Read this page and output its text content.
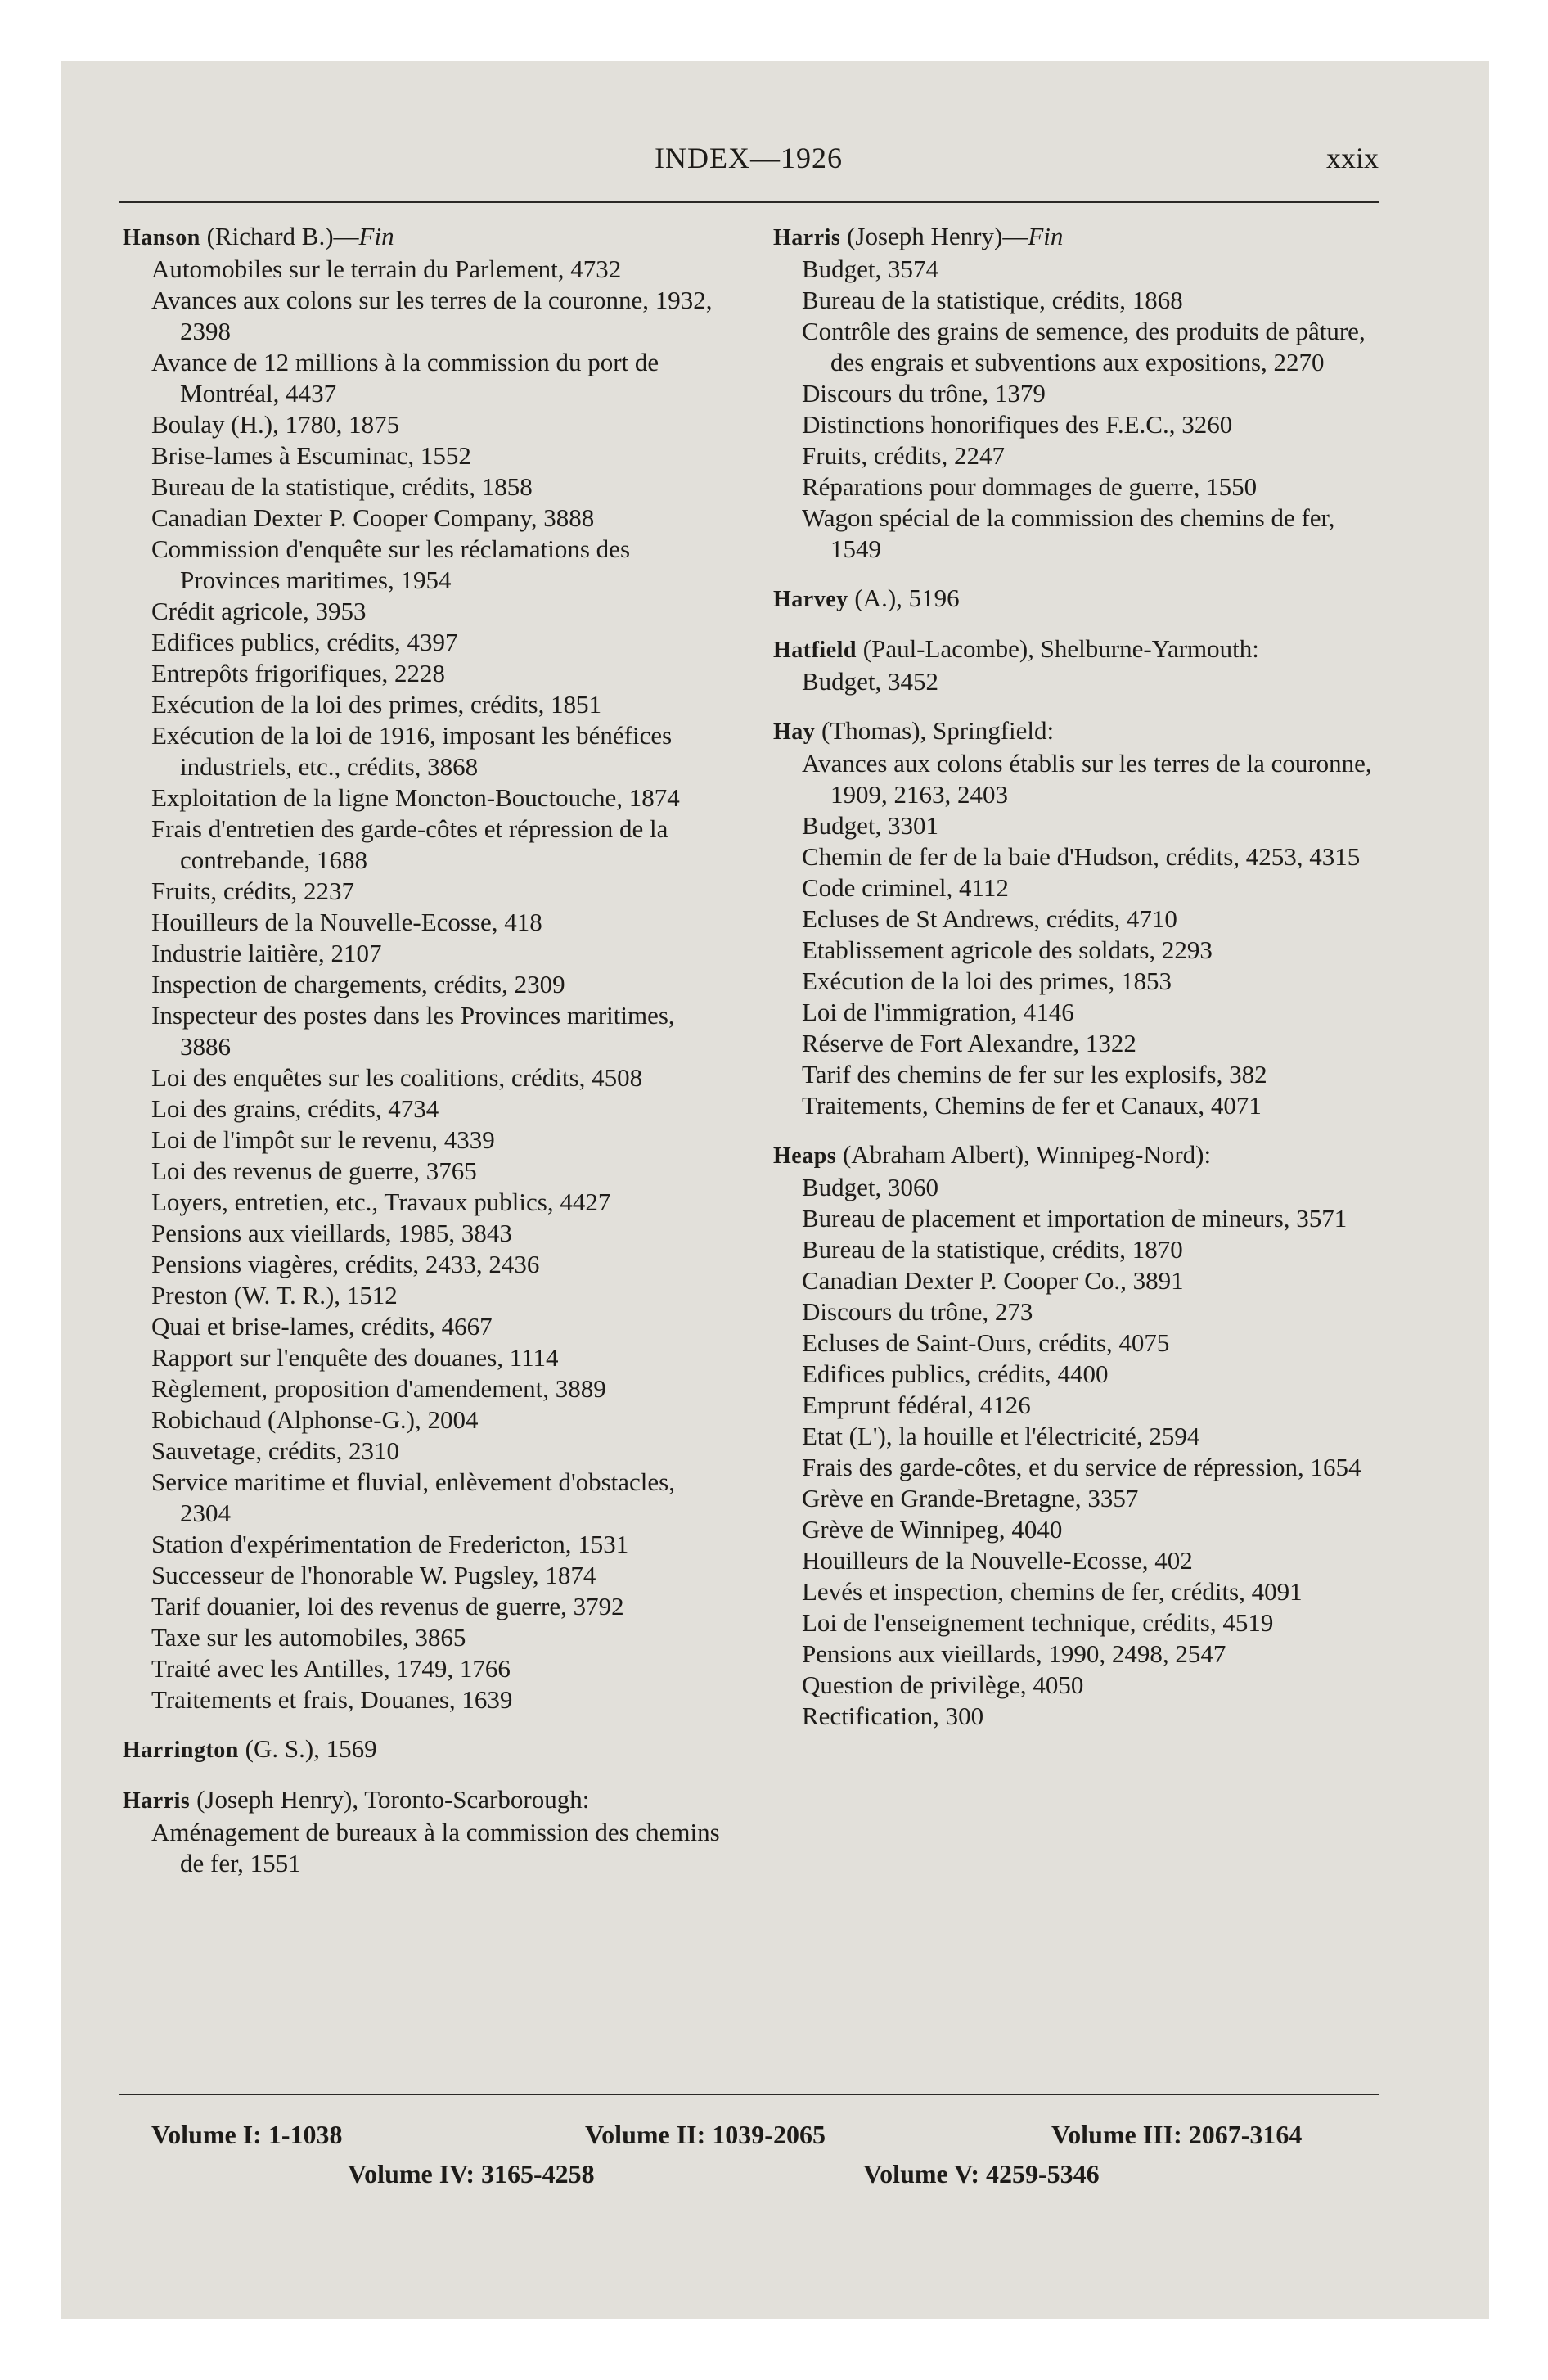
INDEX—1926	xxix
Hanson (Richard B.)—Fin
Automobiles sur le terrain du Parlement, 4732
Avances aux colons sur les terres de la couronne, 1932, 2398
Avance de 12 millions à la commission du port de Montréal, 4437
Boulay (H.), 1780, 1875
Brise-lames à Escuminac, 1552
Bureau de la statistique, crédits, 1858
Canadian Dexter P. Cooper Company, 3888
Commission d'enquête sur les réclamations des Provinces maritimes, 1954
Crédit agricole, 3953
Edifices publics, crédits, 4397
Entrepôts frigorifiques, 2228
Exécution de la loi des primes, crédits, 1851
Exécution de la loi de 1916, imposant les bénéfices industriels, etc., crédits, 3868
Exploitation de la ligne Moncton-Bouctouche, 1874
Frais d'entretien des garde-côtes et répression de la contrebande, 1688
Fruits, crédits, 2237
Houilleurs de la Nouvelle-Ecosse, 418
Industrie laitière, 2107
Inspection de chargements, crédits, 2309
Inspecteur des postes dans les Provinces maritimes, 3886
Loi des enquêtes sur les coalitions, crédits, 4508
Loi des grains, crédits, 4734
Loi de l'impôt sur le revenu, 4339
Loi des revenus de guerre, 3765
Loyers, entretien, etc., Travaux publics, 4427
Pensions aux vieillards, 1985, 3843
Pensions viagères, crédits, 2433, 2436
Preston (W. T. R.), 1512
Quai et brise-lames, crédits, 4667
Rapport sur l'enquête des douanes, 1114
Règlement, proposition d'amendement, 3889
Robichaud (Alphonse-G.), 2004
Sauvetage, crédits, 2310
Service maritime et fluvial, enlèvement d'obstacles, 2304
Station d'expérimentation de Fredericton, 1531
Successeur de l'honorable W. Pugsley, 1874
Tarif douanier, loi des revenus de guerre, 3792
Taxe sur les automobiles, 3865
Traité avec les Antilles, 1749, 1766
Traitements et frais, Douanes, 1639
Harrington (G. S.), 1569
Harris (Joseph Henry), Toronto-Scarborough:
Aménagement de bureaux à la commission des chemins de fer, 1551
Harris (Joseph Henry)—Fin
Budget, 3574
Bureau de la statistique, crédits, 1868
Contrôle des grains de semence, des produits de pâture, des engrais et subventions aux expositions, 2270
Discours du trône, 1379
Distinctions honorifiques des F.E.C., 3260
Fruits, crédits, 2247
Réparations pour dommages de guerre, 1550
Wagon spécial de la commission des chemins de fer, 1549
Harvey (A.), 5196
Hatfield (Paul-Lacombe), Shelburne-Yarmouth:
Budget, 3452
Hay (Thomas), Springfield:
Avances aux colons établis sur les terres de la couronne, 1909, 2163, 2403
Budget, 3301
Chemin de fer de la baie d'Hudson, crédits, 4253, 4315
Code criminel, 4112
Ecluses de St Andrews, crédits, 4710
Etablissement agricole des soldats, 2293
Exécution de la loi des primes, 1853
Loi de l'immigration, 4146
Réserve de Fort Alexandre, 1322
Tarif des chemins de fer sur les explosifs, 382
Traitements, Chemins de fer et Canaux, 4071
Heaps (Abraham Albert), Winnipeg-Nord):
Budget, 3060
Bureau de placement et importation de mineurs, 3571
Bureau de la statistique, crédits, 1870
Canadian Dexter P. Cooper Co., 3891
Discours du trône, 273
Ecluses de Saint-Ours, crédits, 4075
Edifices publics, crédits, 4400
Emprunt fédéral, 4126
Etat (L'), la houille et l'électricité, 2594
Frais des garde-côtes, et du service de répression, 1654
Grève en Grande-Bretagne, 3357
Grève de Winnipeg, 4040
Houilleurs de la Nouvelle-Ecosse, 402
Levés et inspection, chemins de fer, crédits, 4091
Loi de l'enseignement technique, crédits, 4519
Pensions aux vieillards, 1990, 2498, 2547
Question de privilège, 4050
Rectification, 300
Volume I: 1-1038	Volume II: 1039-2065	Volume III: 2067-3164
Volume IV: 3165-4258	Volume V: 4259-5346
